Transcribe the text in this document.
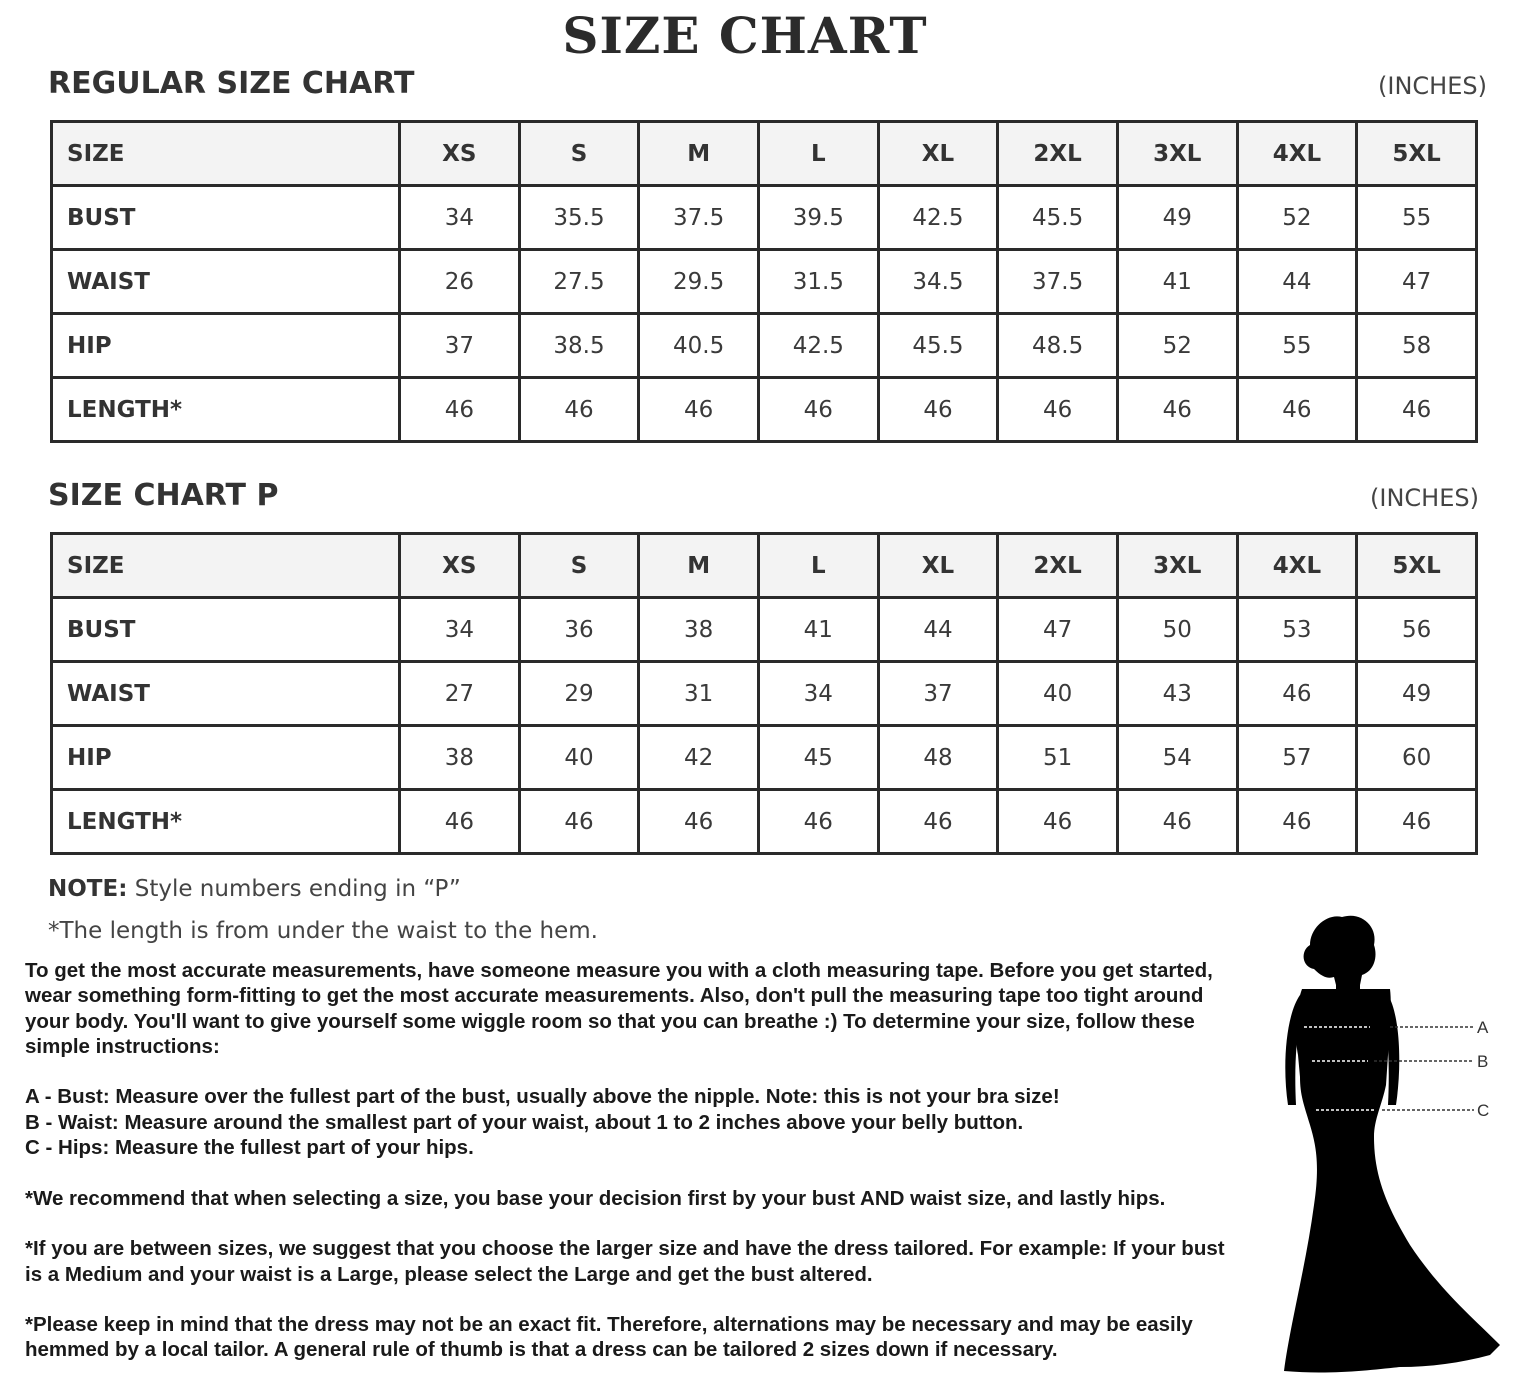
SIZE CHART
REGULAR SIZE CHART	(INCHES)
SIZE	XS	S	M	L	XL	2XL	3XL	4XL	5XL
BUST	34	35.5	37.5	39.5	42.5	45.5	49	52	55
WAIST	26	27.5	29.5	31.5	34.5	37.5	41	44	47
HIP	37	38.5	40.5	42.5	45.5	48.5	52	55	58
LENGTH*	46	46	46	46	46	46	46	46	46
SIZE CHART P	(INCHES)
SIZE	XS	S	M	L	XL	2XL	3XL	4XL	5XL
BUST	34	36	38	41	44	47	50	53	56
WAIST	27	29	31	34	37	40	43	46	49
HIP	38	40	42	45	48	51	54	57	60
LENGTH*	46	46	46	46	46	46	46	46	46
NOTE: Style numbers ending in “P”
*The length is from under the waist to the hem.

To get the most accurate measurements, have someone measure you with a cloth measuring tape. Before you get started, wear something form-fitting to get the most accurate measurements. Also, don't pull the measuring tape too tight around your body. You'll want to give yourself some wiggle room so that you can breathe :) To determine your size, follow these simple instructions:

A - Bust: Measure over the fullest part of the bust, usually above the nipple. Note: this is not your bra size!

B - Waist: Measure around the smallest part of your waist, about 1 to 2 inches above your belly button.

C - Hips: Measure the fullest part of your hips.

*We recommend that when selecting a size, you base your decision first by your bust AND waist size, and lastly hips.

*If you are between sizes, we suggest that you choose the larger size and have the dress tailored. For example: If your bust is a Medium and your waist is a Large, please select the Large and get the bust altered.

*Please keep in mind that the dress may not be an exact fit. Therefore, alternations may be necessary and may be easily hemmed by a local tailor. A general rule of thumb is that a dress can be tailored 2 sizes down if necessary.

A
B
C
